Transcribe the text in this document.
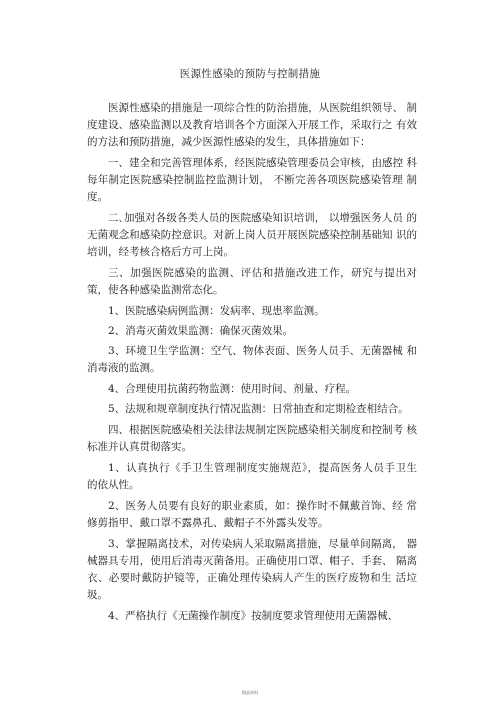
医源性感染的预防与控制措施

医源性感染的措施是一项综合性的防治措施，从医院组织领导、 制度建设、感染监测以及教育培训各个方面深入开展工作，采取行之 有效的方法和预防措施，减少医源性感染的发生，具体措施如下：

一、建全和完善管理体系，经医院感染管理委员会审核，由感控 科每年制定医院感染控制监控监测计划， 不断完善各项医院感染管理 制度。

二､加强对各级各类人员的医院感染知识培训， 以增强医务人员 的无菌观念和感染防控意识。对新上岗人员开展医院感染控制基础知 识的培训，经考核合格后方可上岗。

三、加强医院感染的监测、评估和措施改进工作，研究与提出对 策，使各种感染监测常态化。

1、医院感染病例监测：发病率、现患率监测。

2、消毒灭菌效果监测：确保灭菌效果。

3、环境卫生学监测：空气、物体表面、医务人员手、无菌器械 和消毒液的监测。

4、合理使用抗菌药物监测：使用时间、剂量、疗程。

5、法规和规章制度执行情况监测：日常抽查和定期检查相结合。

四、根据医院感染相关法律法规制定医院感染相关制度和控制考 核标准并认真贯彻落实。

1、认真执行《手卫生管理制度实施规范》，提高医务人员手卫生 的依从性。

2、医务人员要有良好的职业素质，如：操作时不佩戴首饰、经 常修剪指甲、戴口罩不露鼻孔、戴帽子不外露头发等。

3、掌握隔离技术，对传染病人采取隔离措施，尽量单间隔离， 器械器具专用，使用后消毒灭菌备用。正确使用口罩、帽子、手套、 隔离衣、必要时戴防护镜等，正确处理传染病人产生的医疗废物和生 活垃圾。

4、严格执行《无菌操作制度》按制度要求管理使用无菌器械、

精品资料
